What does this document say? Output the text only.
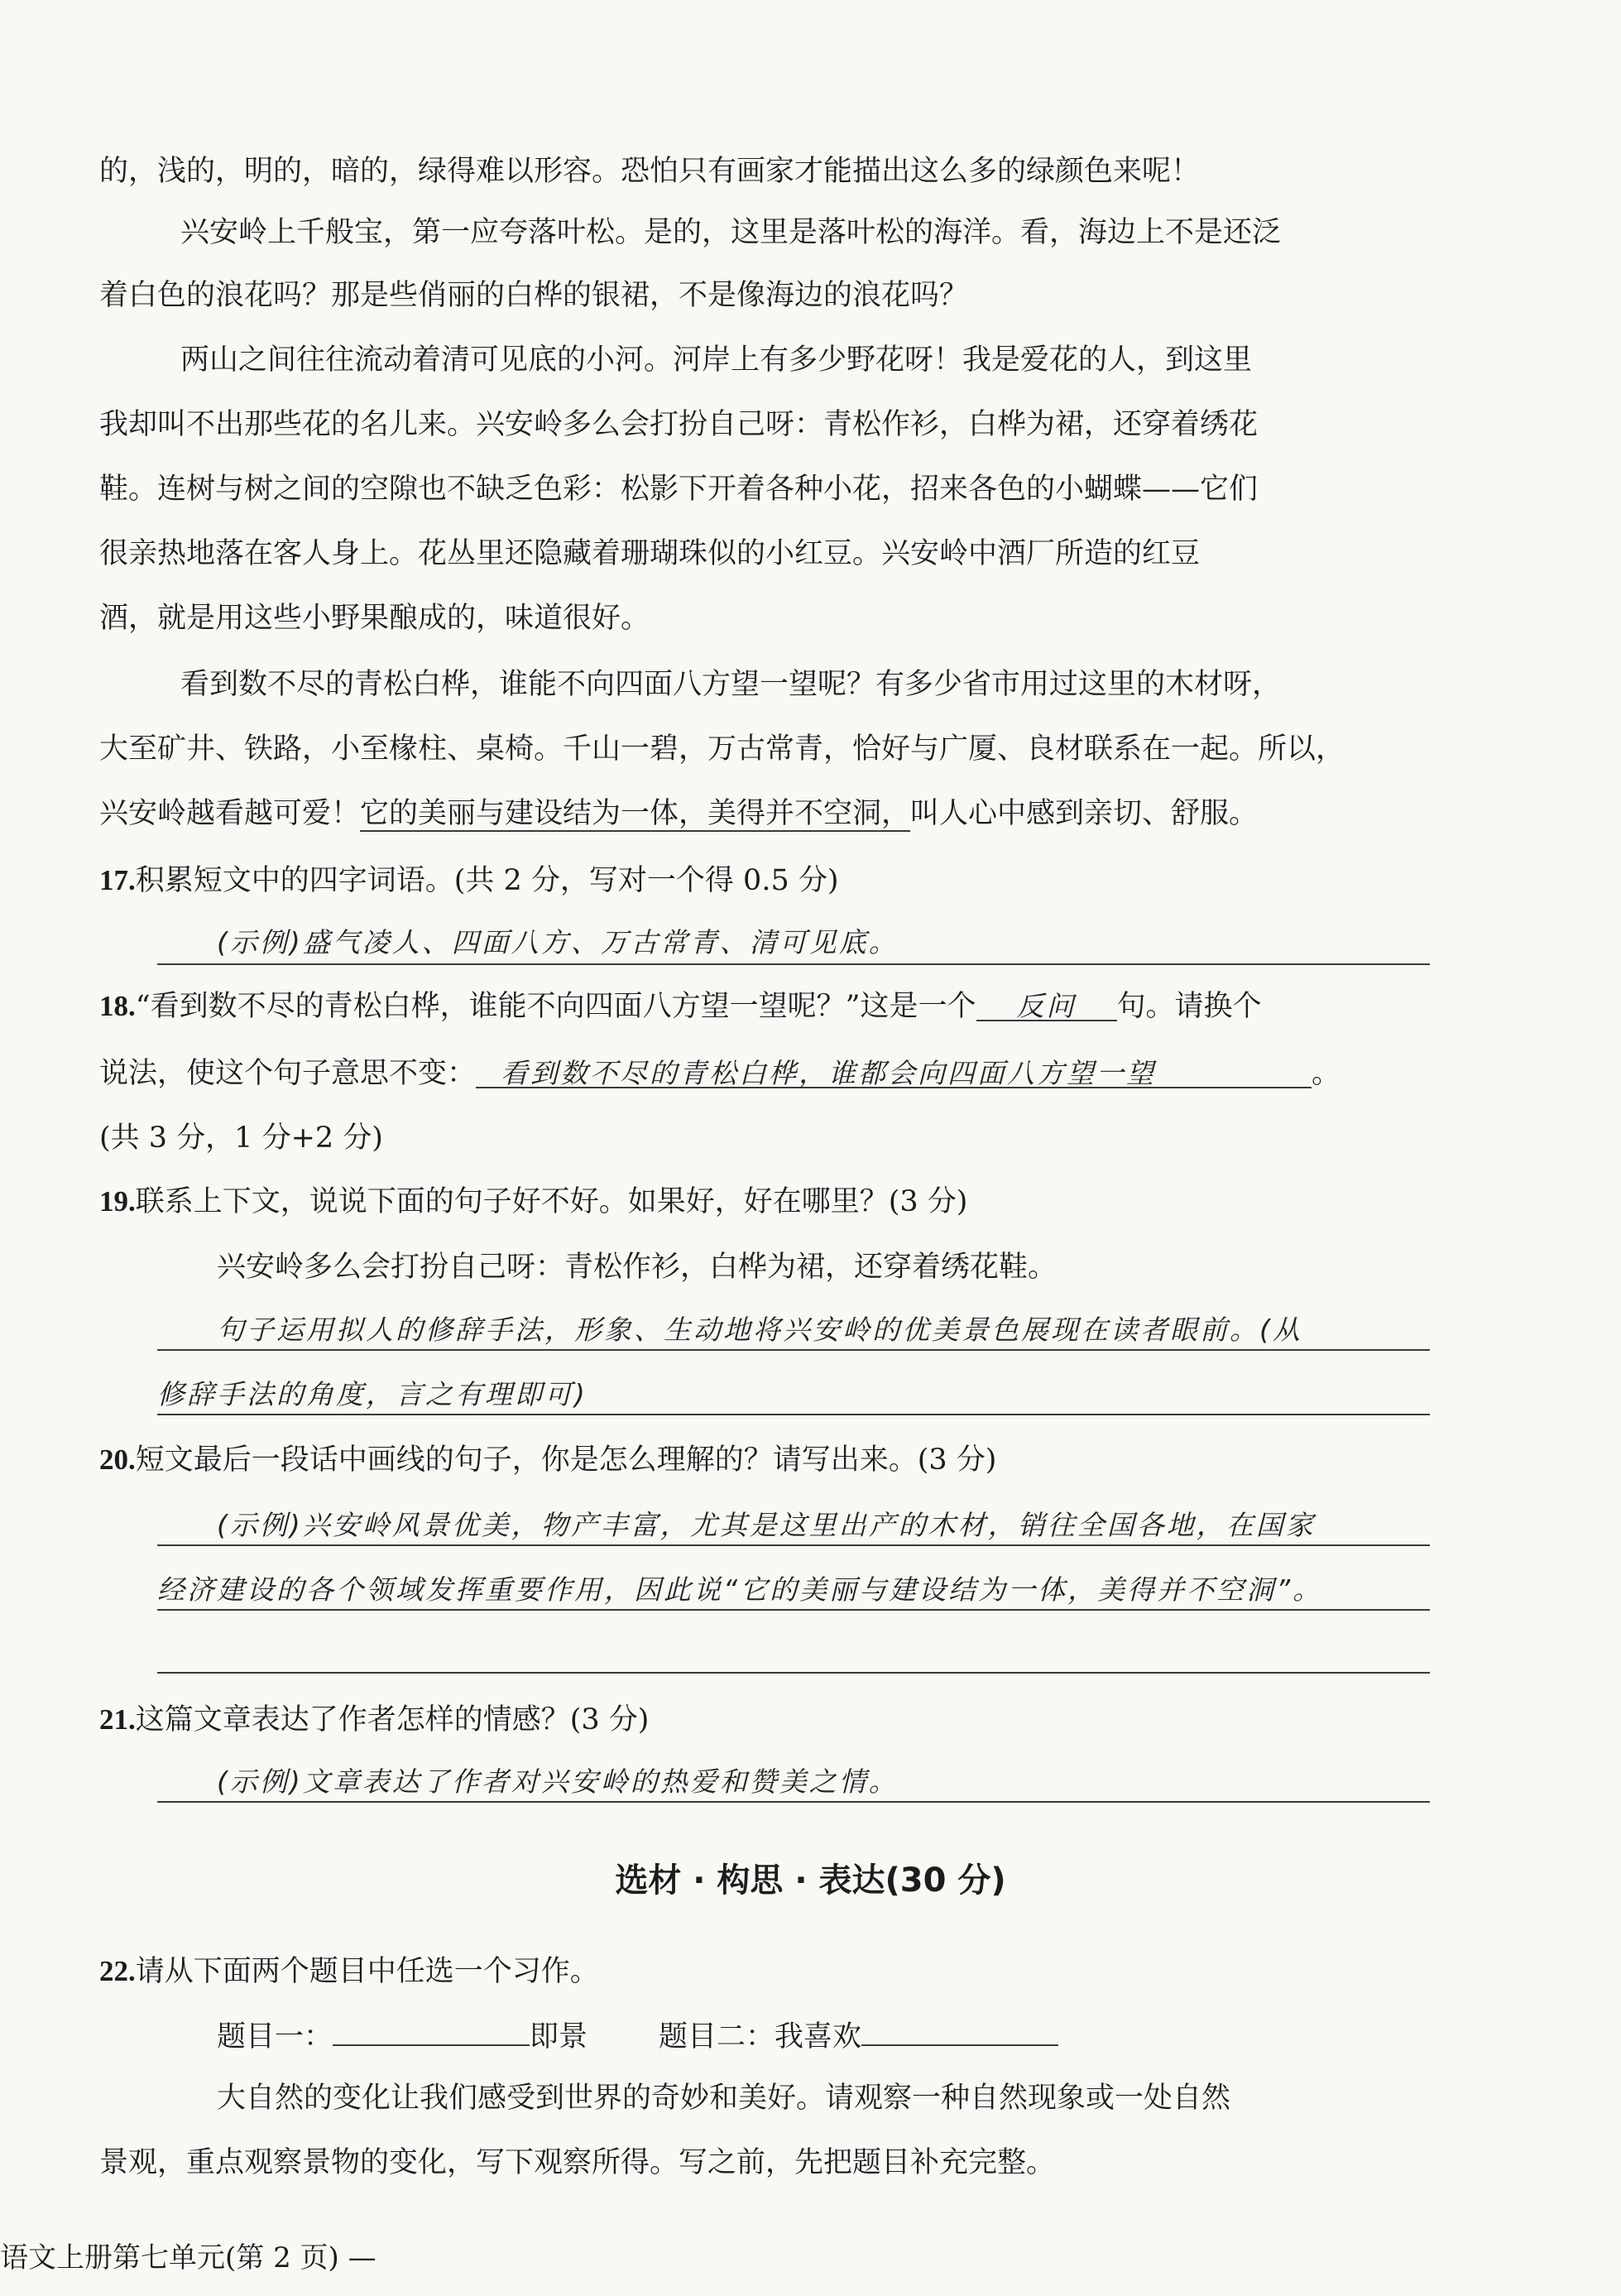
的，浅的，明的，暗的，绿得难以形容。恐怕只有画家才能描出这么多的绿颜色来呢！
兴安岭上千般宝，第一应夸落叶松。是的，这里是落叶松的海洋。看，海边上不是还泛
着白色的浪花吗？那是些俏丽的白桦的银裙，不是像海边的浪花吗？
两山之间往往流动着清可见底的小河。河岸上有多少野花呀！我是爱花的人，到这里
我却叫不出那些花的名儿来。兴安岭多么会打扮自己呀：青松作衫，白桦为裙，还穿着绣花
鞋。连树与树之间的空隙也不缺乏色彩：松影下开着各种小花，招来各色的小蝴蝶——它们
很亲热地落在客人身上。花丛里还隐藏着珊瑚珠似的小红豆。兴安岭中酒厂所造的红豆
酒，就是用这些小野果酿成的，味道很好。
看到数不尽的青松白桦，谁能不向四面八方望一望呢？有多少省市用过这里的木材呀，
大至矿井、铁路，小至椽柱、桌椅。千山一碧，万古常青，恰好与广厦、良材联系在一起。所以，
兴安岭越看越可爱！它的美丽与建设结为一体，美得并不空洞，叫人心中感到亲切、舒服。
17.积累短文中的四字词语。(共 2 分，写对一个得 0.5 分)
(示例)盛气凌人、四面八方、万古常青、清可见底。
18.“看到数不尽的青松白桦，谁能不向四面八方望一望呢？”这是一个 反问 句。请换个
说法，使这个句子意思不变： 看到数不尽的青松白桦，谁都会向四面八方望一望	。
(共 3 分，1 分+2 分)
19.联系上下文，说说下面的句子好不好。如果好，好在哪里？(3 分)
兴安岭多么会打扮自己呀：青松作衫，白桦为裙，还穿着绣花鞋。
句子运用拟人的修辞手法，形象、生动地将兴安岭的优美景色展现在读者眼前。(从
修辞手法的角度，言之有理即可)
20.短文最后一段话中画线的句子，你是怎么理解的？请写出来。(3 分)
(示例)兴安岭风景优美，物产丰富，尤其是这里出产的木材，销往全国各地，在国家
经济建设的各个领域发挥重要作用，因此说“它的美丽与建设结为一体，美得并不空洞”。
21.这篇文章表达了作者怎样的情感？(3 分)
(示例)文章表达了作者对兴安岭的热爱和赞美之情。
选材 · 构思 · 表达(30 分)
22.请从下面两个题目中任选一个习作。
题目一：	即景 题目二：我喜欢
大自然的变化让我们感受到世界的奇妙和美好。请观察一种自然现象或一处自然
景观，重点观察景物的变化，写下观察所得。写之前，先把题目补充完整。
语文上册第七单元(第 2 页) —
